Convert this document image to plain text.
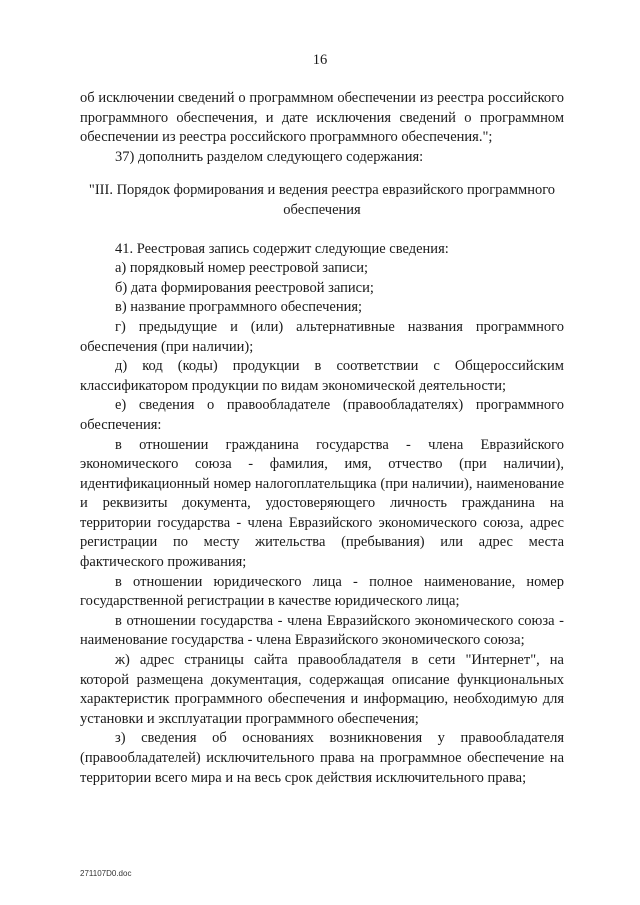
16

об исключении сведений о программном обеспечении из реестра российского программного обеспечения, и дате исключения сведений о программном обеспечении из реестра российского программного обеспечения.";

37) дополнить разделом следующего содержания:

"III. Порядок формирования и ведения реестра евразийского программного
обеспечения

41. Реестровая запись содержит следующие сведения:

а) порядковый номер реестровой записи;

б) дата формирования реестровой записи;

в) название программного обеспечения;

г) предыдущие и (или) альтернативные названия программного обеспечения (при наличии);

д) код (коды) продукции в соответствии с Общероссийским классификатором продукции по видам экономической деятельности;

е) сведения о правообладателе (правообладателях) программного обеспечения:

в отношении гражданина государства - члена Евразийского экономического союза - фамилия, имя, отчество (при наличии), идентификационный номер налогоплательщика (при наличии), наименование и реквизиты документа, удостоверяющего личность гражданина на территории государства - члена Евразийского экономического союза, адрес регистрации по месту жительства (пребывания) или адрес места фактического проживания;

в отношении юридического лица - полное наименование, номер государственной регистрации в качестве юридического лица;

в отношении государства - члена Евразийского экономического союза - наименование государства - члена Евразийского экономического союза;

ж) адрес страницы сайта правообладателя в сети "Интернет", на которой размещена документация, содержащая описание функциональных характеристик программного обеспечения и информацию, необходимую для установки и эксплуатации программного обеспечения;

з) сведения об основаниях возникновения у правообладателя (правообладателей) исключительного права на программное обеспечение на территории всего мира и на весь срок действия исключительного права;

271107D0.doc
